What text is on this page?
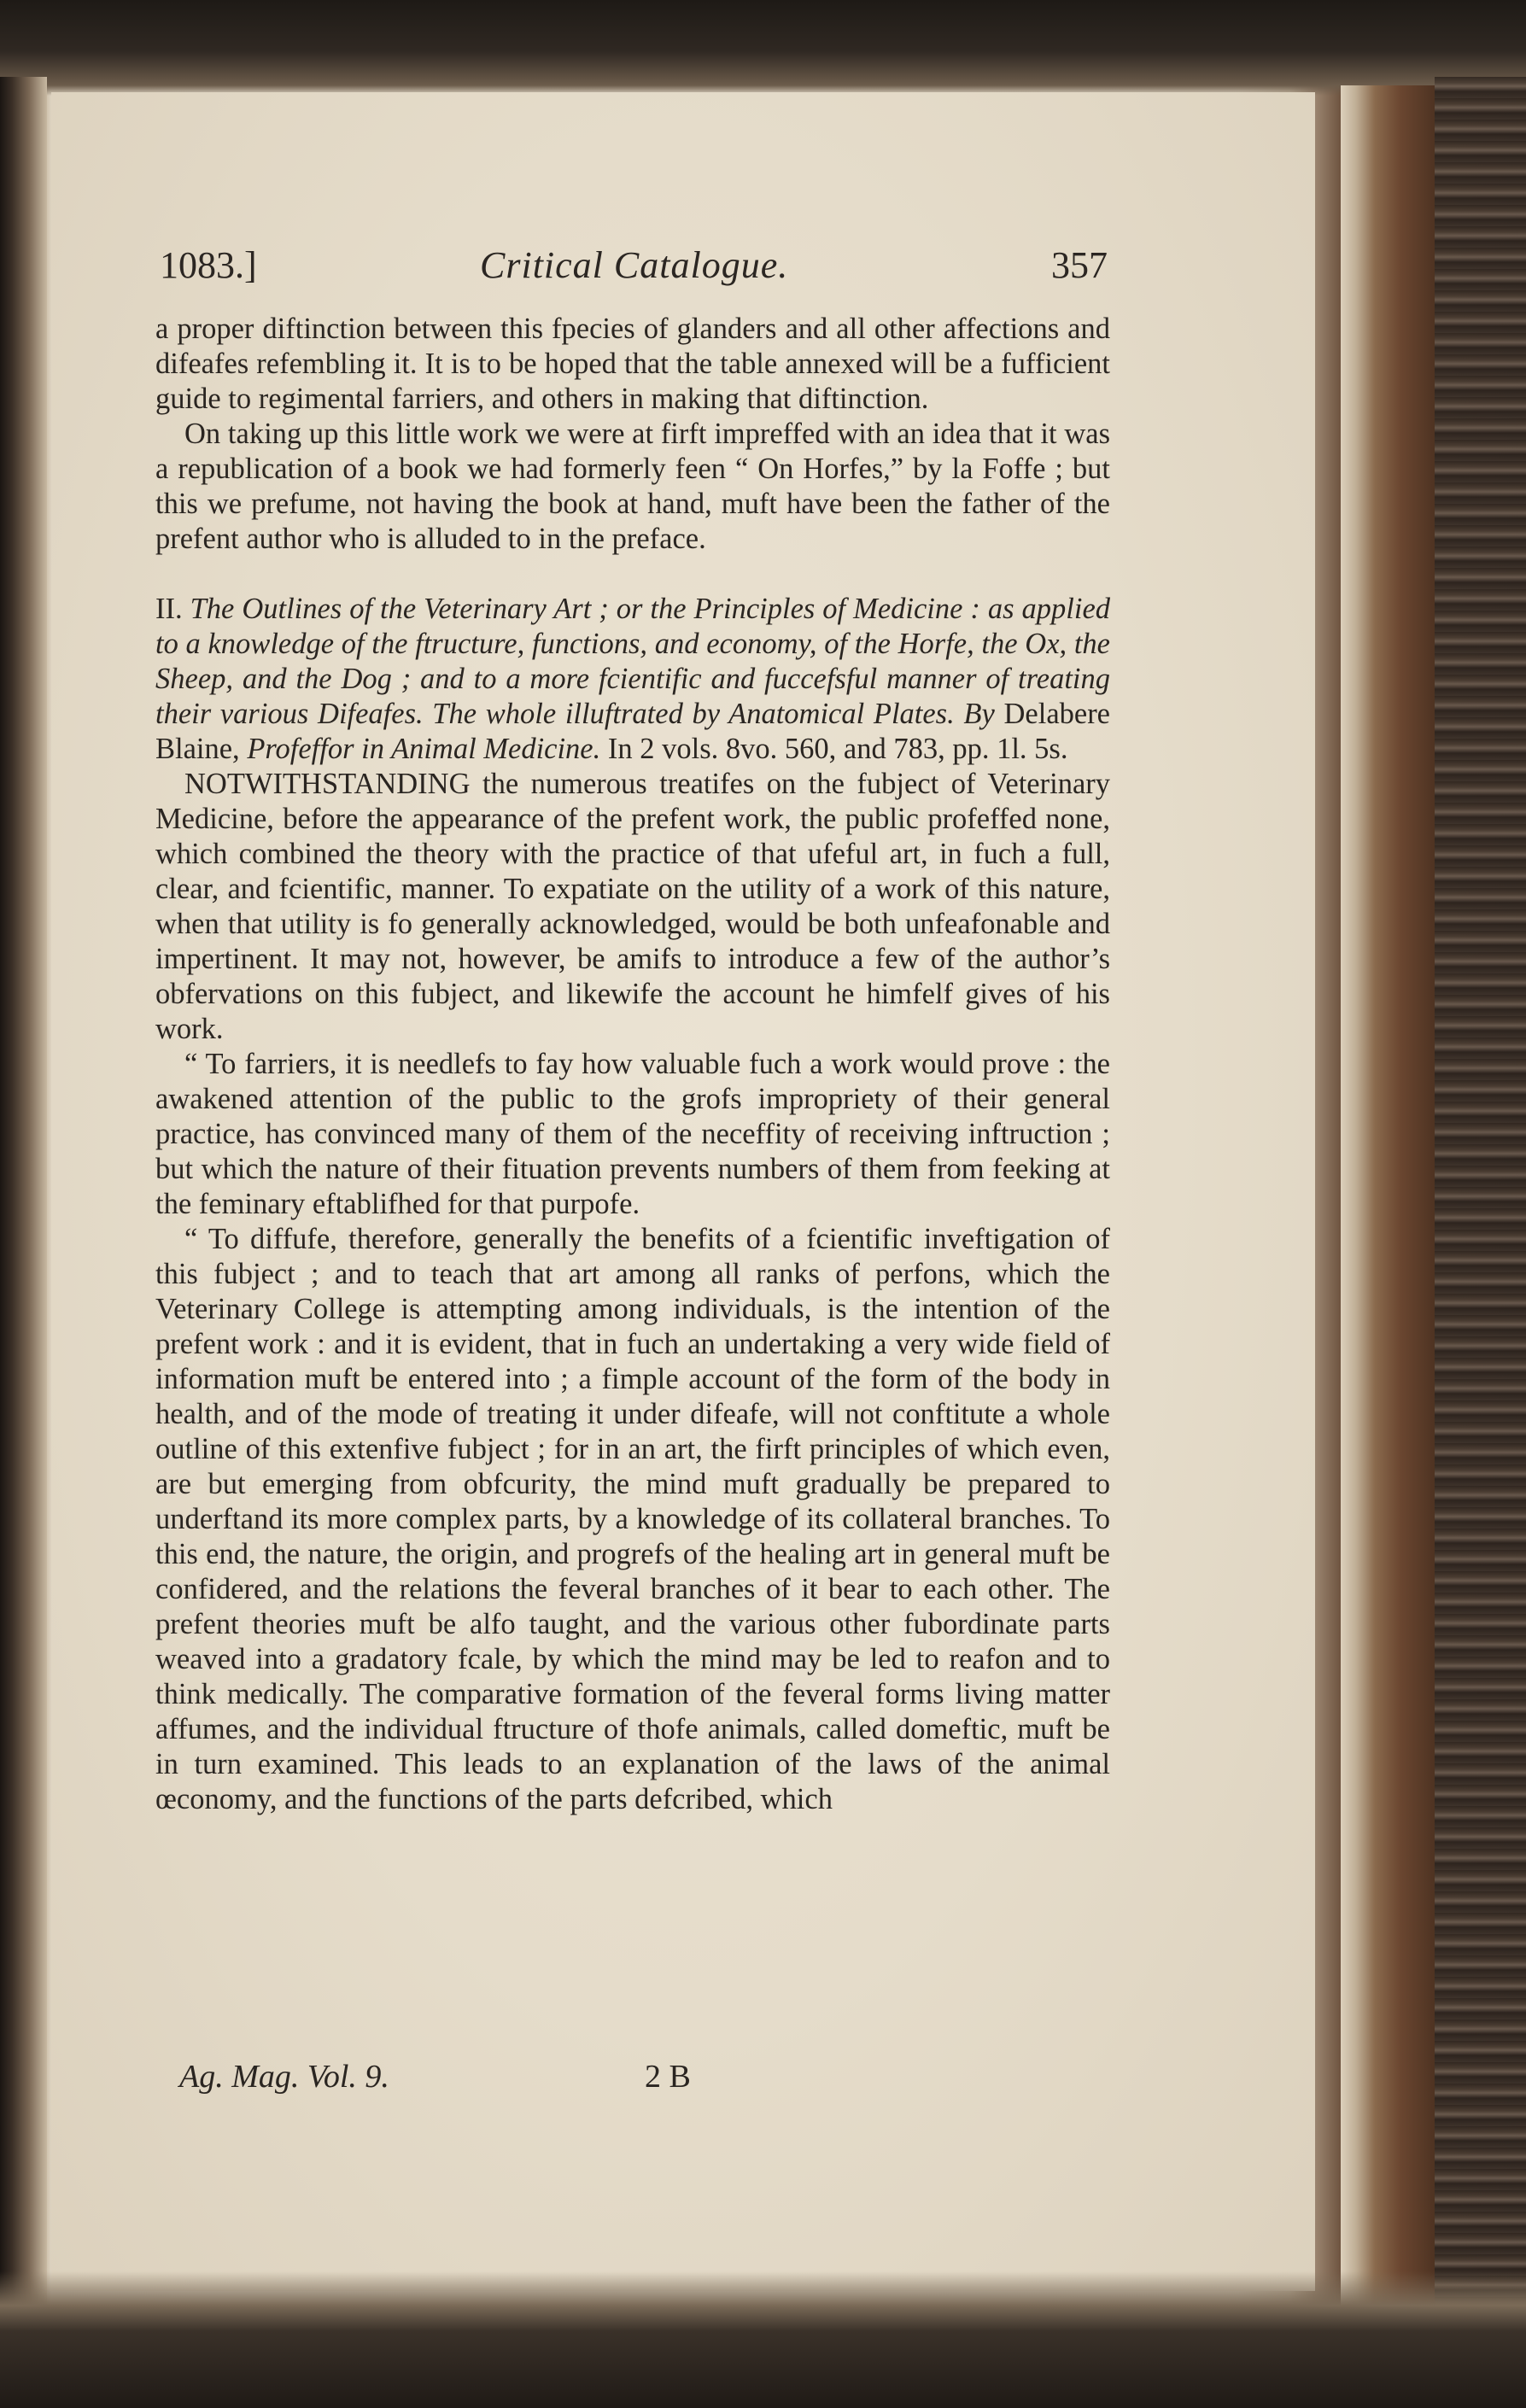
1083.]	Critical Catalogue.	357

a proper diftinction between this fpecies of glanders and all other affections and difeafes refembling it. It is to be hoped that the table annexed will be a fufficient guide to regimental farriers, and others in making that diftinction.

On taking up this little work we were at firft impreffed with an idea that it was a republication of a book we had formerly feen “ On Horfes,” by la Foffe ; but this we prefume, not having the book at hand, muft have been the father of the prefent author who is alluded to in the preface.

II. The Outlines of the Veterinary Art ; or the Principles of Medicine : as applied to a knowledge of the ftructure, functions, and economy, of the Horfe, the Ox, the Sheep, and the Dog ; and to a more fcientific and fuccefsful manner of treating their various Difeafes. The whole illuftrated by Anatomical Plates. By Delabere Blaine, Profeffor in Animal Medicine. In 2 vols. 8vo. 560, and 783, pp. 1l. 5s.

NOTWITHSTANDING the numerous treatifes on the fubject of Veterinary Medicine, before the appearance of the prefent work, the public profeffed none, which combined the theory with the practice of that ufeful art, in fuch a full, clear, and fcientific, manner. To expatiate on the utility of a work of this nature, when that utility is fo generally acknowledged, would be both unfeafonable and impertinent. It may not, however, be amifs to introduce a few of the author’s obfervations on this fubject, and likewife the account he himfelf gives of his work.

“ To farriers, it is needlefs to fay how valuable fuch a work would prove : the awakened attention of the public to the grofs impropriety of their general practice, has convinced many of them of the neceffity of receiving inftruction ; but which the nature of their fituation prevents numbers of them from feeking at the feminary eftablifhed for that purpofe.

“ To diffufe, therefore, generally the benefits of a fcientific inveftigation of this fubject ; and to teach that art among all ranks of perfons, which the Veterinary College is attempting among individuals, is the intention of the prefent work : and it is evident, that in fuch an undertaking a very wide field of information muft be entered into ; a fimple account of the form of the body in health, and of the mode of treating it under difeafe, will not conftitute a whole outline of this extenfive fubject ; for in an art, the firft principles of which even, are but emerging from obfcurity, the mind muft gradually be prepared to underftand its more complex parts, by a knowledge of its collateral branches. To this end, the nature, the origin, and progrefs of the healing art in general muft be confidered, and the relations the feveral branches of it bear to each other. The prefent theories muft be alfo taught, and the various other fubordinate parts weaved into a gradatory fcale, by which the mind may be led to reafon and to think medically. The comparative formation of the feveral forms living matter affumes, and the individual ftructure of thofe animals, called domeftic, muft be in turn examined. This leads to an explanation of the laws of the animal œconomy, and the functions of the parts defcribed, which

Ag. Mag. Vol. 9.	2 B
